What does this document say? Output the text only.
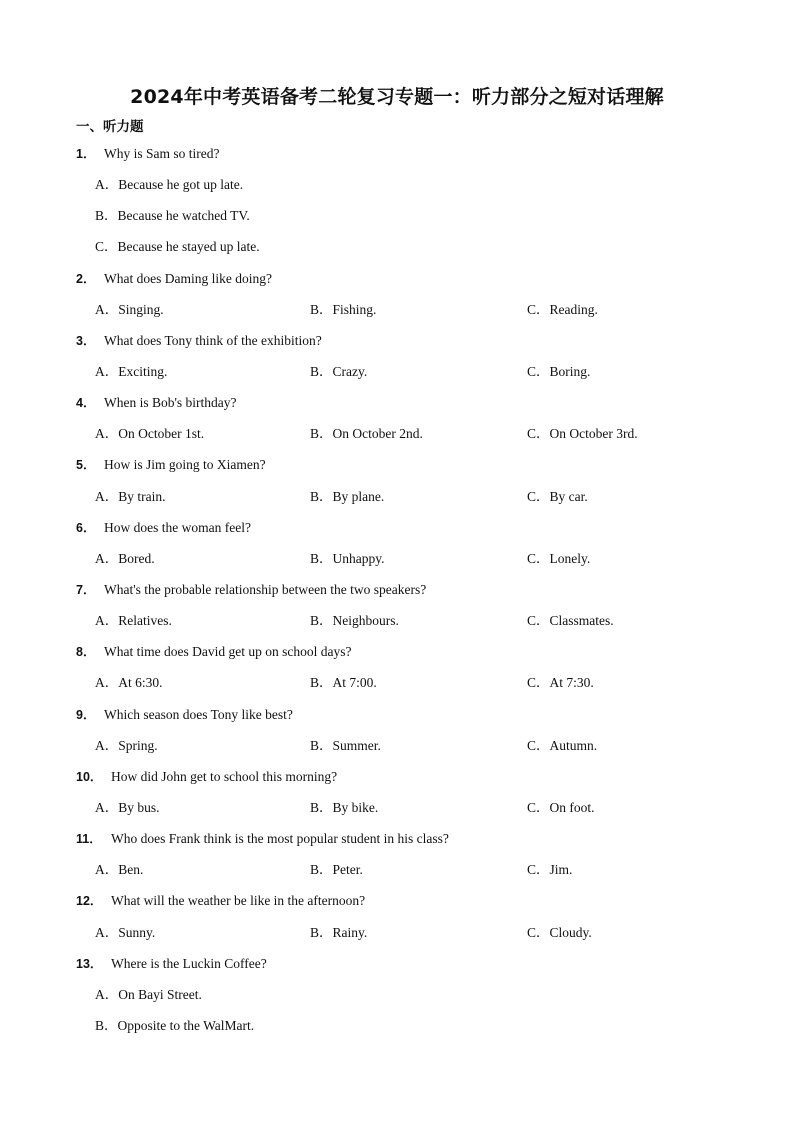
2024年中考英语备考二轮复习专题一：听力部分之短对话理解
一、听力题
1． Why is Sam so tired?
A．Because he got up late.
B．Because he watched TV.
C．Because he stayed up late.
2． What does Daming like doing?
A．Singing.	B．Fishing.	C．Reading.
3． What does Tony think of the exhibition?
A．Exciting.	B．Crazy.	C．Boring.
4． When is Bob's birthday?
A．On October 1st.	B．On October 2nd.	C．On October 3rd.
5． How is Jim going to Xiamen?
A．By train.	B．By plane.	C．By car.
6． How does the woman feel?
A．Bored.	B．Unhappy.	C．Lonely.
7． What's the probable relationship between the two speakers?
A．Relatives.	B．Neighbours.	C．Classmates.
8． What time does David get up on school days?
A．At 6:30.	B．At 7:00.	C．At 7:30.
9． Which season does Tony like best?
A．Spring.	B．Summer.	C．Autumn.
10． How did John get to school this morning?
A．By bus.	B．By bike.	C．On foot.
11． Who does Frank think is the most popular student in his class?
A．Ben.	B．Peter.	C．Jim.
12． What will the weather be like in the afternoon?
A．Sunny.	B．Rainy.	C．Cloudy.
13． Where is the Luckin Coffee?
A．On Bayi Street.
B．Opposite to the WalMart.
